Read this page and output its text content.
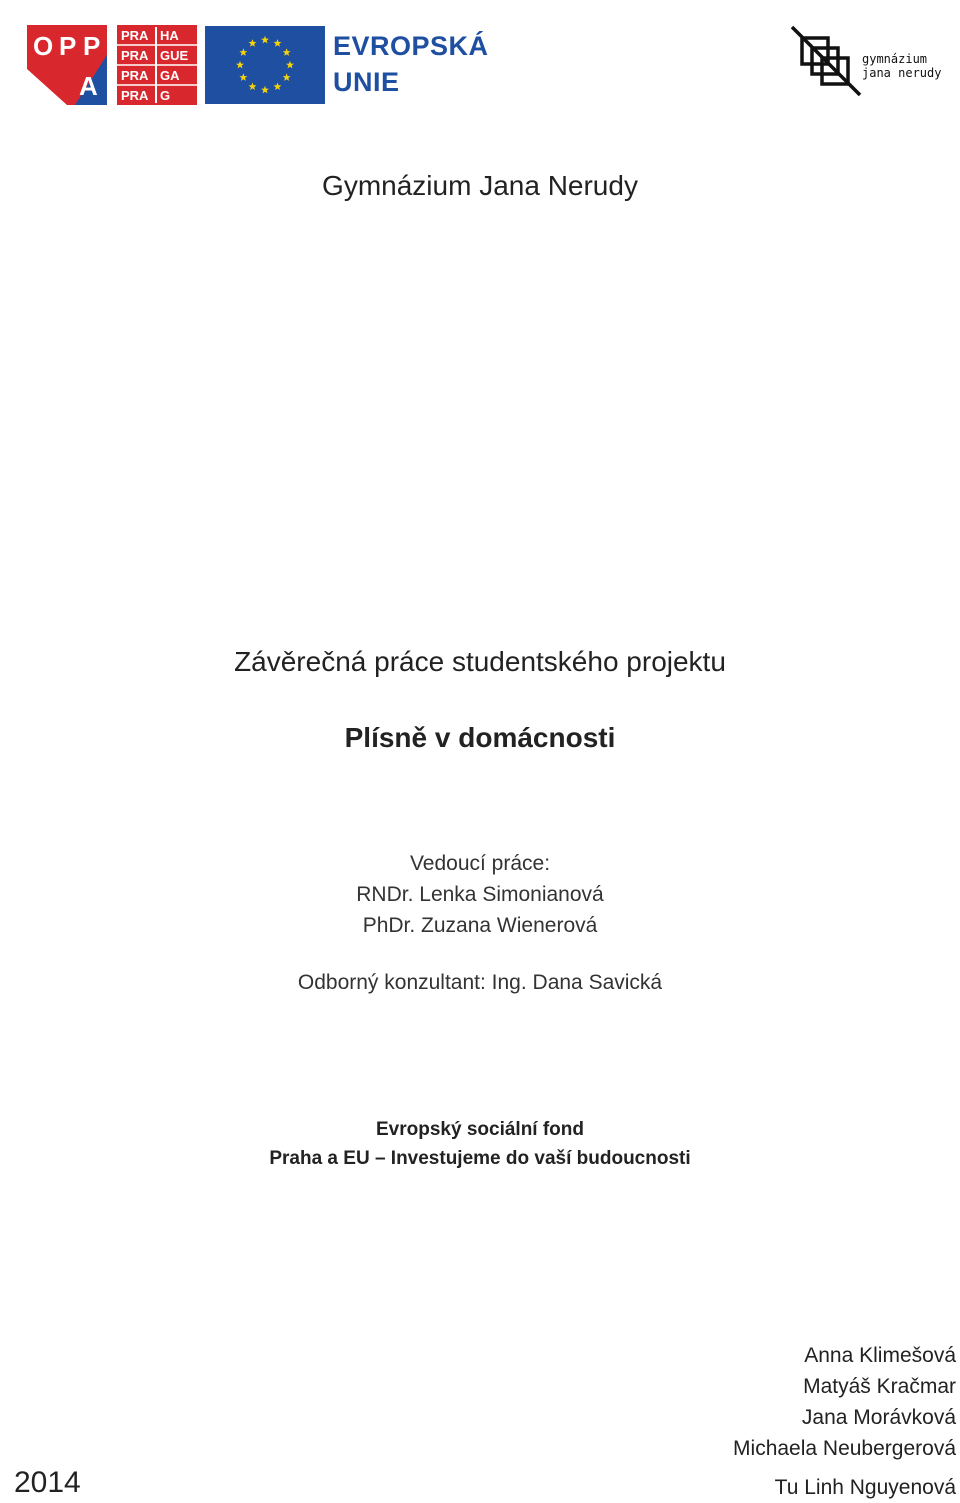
O P P
A
PRA HA
PRA GUE
PRA GA
PRA G
EVROPSKÁ
UNIE
gymnázium
jana nerudy
Gymnázium Jana Nerudy
Závěrečná práce studentského projektu
Plísně v domácnosti
Vedoucí práce:
RNDr. Lenka Simonianová
PhDr. Zuzana Wienerová
Odborný konzultant: Ing. Dana Savická
Evropský sociální fond
Praha a EU – Investujeme do vaší budoucnosti
Anna Klimešová
Matyáš Kračmar
Jana Morávková
Michaela Neubergerová
Tu Linh Nguyenová
2014
